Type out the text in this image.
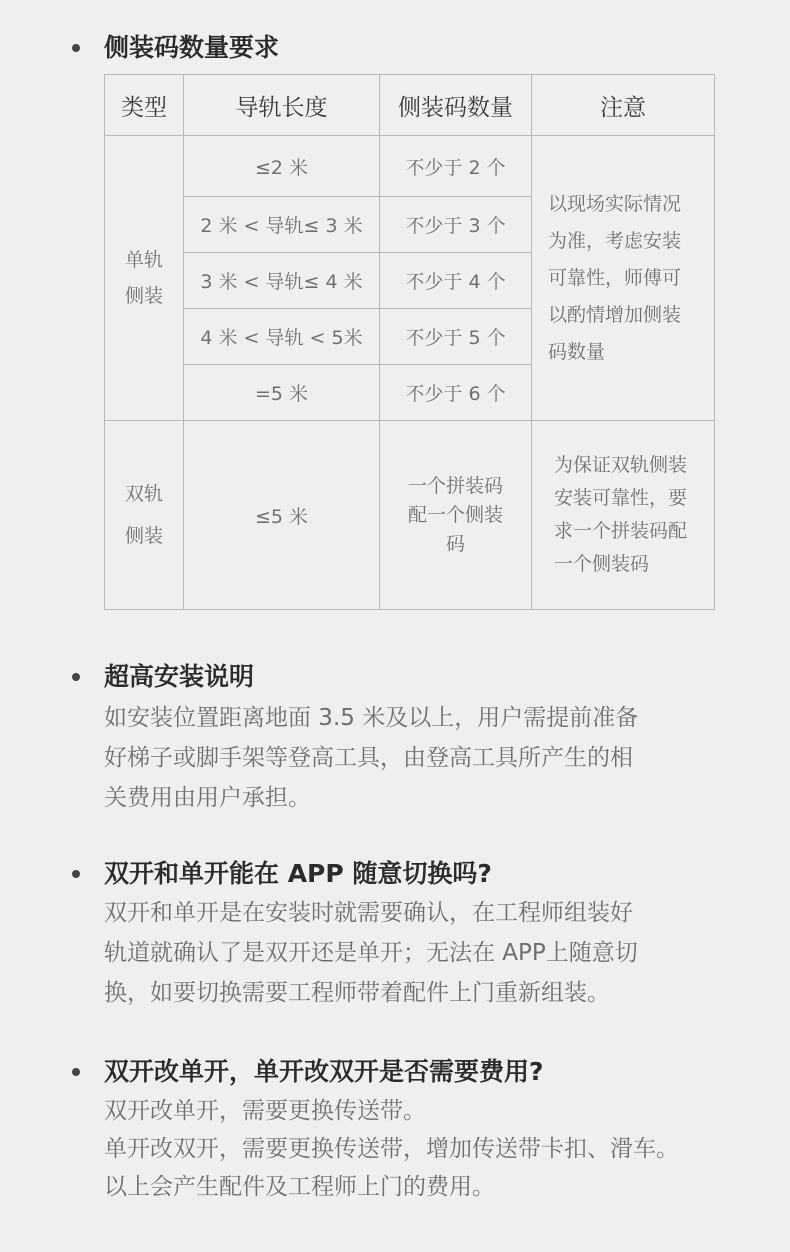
侧装码数量要求
类型	导轨长度	侧装码数量	注意
单轨
侧装	≤2 米	不少于 2 个	以现场实际情况为准，考虑安装可靠性，师傅可以酌情增加侧装码数量
	2 米 < 导轨≤ 3 米	不少于 3 个	
	3 米 < 导轨≤ 4 米	不少于 4 个	
	4 米 < 导轨 < 5米	不少于 5 个	
	=5 米	不少于 6 个	
双轨
侧装	≤5 米	一个拼装码配一个侧装码	为保证双轨侧装安装可靠性，要求一个拼装码配一个侧装码
超高安装说明

如安装位置距离地面 3.5 米及以上，用户需提前准备

好梯子或脚手架等登高工具，由登高工具所产生的相

关费用由用户承担。

双开和单开能在 APP 随意切换吗?

双开和单开是在安装时就需要确认，在工程师组装好

轨道就确认了是双开还是单开；无法在 APP上随意切

换，如要切换需要工程师带着配件上门重新组装。

双开改单开，单开改双开是否需要费用?

双开改单开，需要更换传送带。

单开改双开，需要更换传送带，增加传送带卡扣、滑车。

以上会产生配件及工程师上门的费用。
